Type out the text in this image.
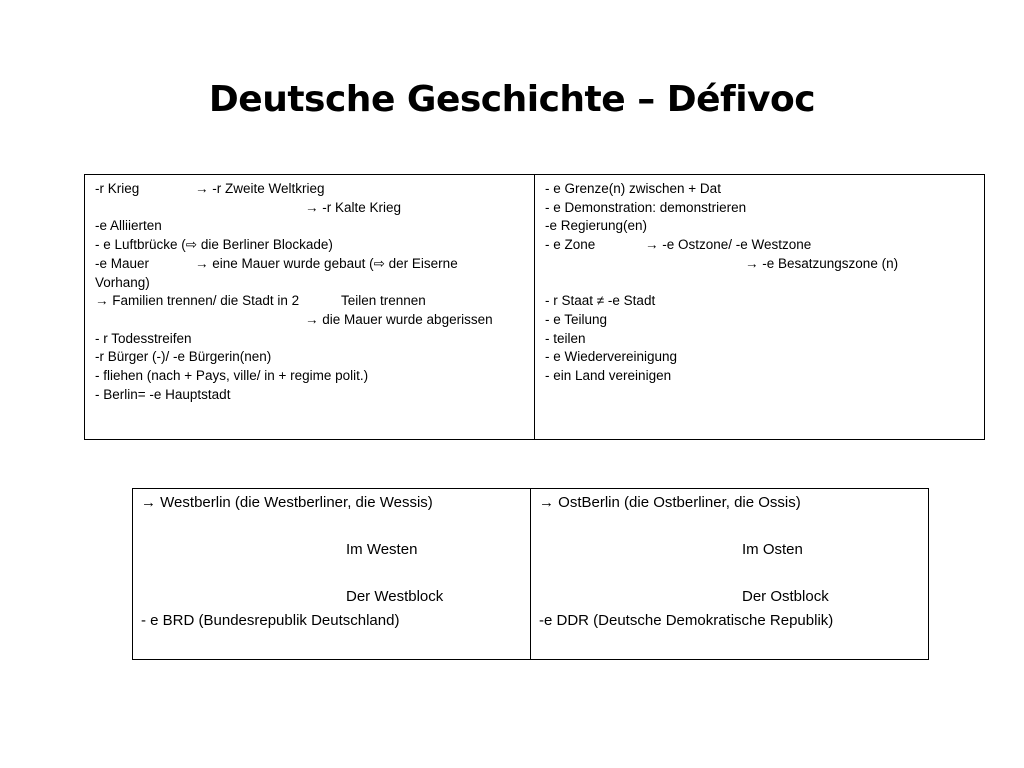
Deutsche Geschichte – Défivoc
-r Krieg	→ -r Zweite Weltkrieg
→ -r Kalte Krieg
-e Alliierten
- e Luftbrücke (⇨ die Berliner Blockade)
-e Mauer	→ eine Mauer wurde gebaut (⇨ der Eiserne
Vorhang)
→ Familien trennen/ die Stadt in 2	Teilen trennen
→ die Mauer wurde abgerissen
- r Todesstreifen
-r Bürger (-)/ -e Bürgerin(nen)
- fliehen (nach + Pays, ville/ in + regime polit.)
- Berlin= -e Hauptstadt

- e Grenze(n) zwischen + Dat
- e Demonstration: demonstrieren
-e Regierung(en)
- e Zone	→ -e Ostzone/ -e Westzone
→ -e Besatzungszone (n)
- r Staat ≠ -e Stadt
- e Teilung
- teilen
- e Wiedervereinigung
- ein Land vereinigen
→ Westberlin (die Westberliner, die Wessis)
Im Westen
Der Westblock
- e BRD (Bundesrepublik Deutschland)

→ OstBerlin (die Ostberliner, die Ossis)
Im Osten
Der Ostblock
-e DDR (Deutsche Demokratische Republik)
